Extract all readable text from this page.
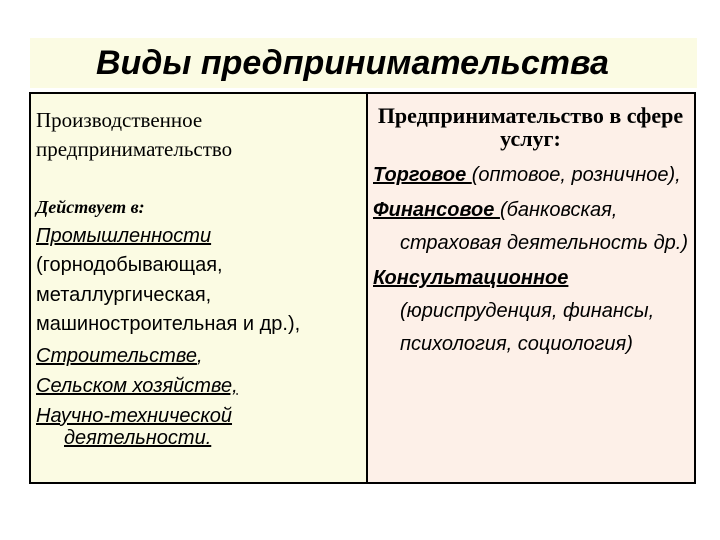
Виды предпринимательства

Производственное
предпринимательство

Действует в:

Промышленности

(горнодобывающая,

металлургическая,

машиностроительная и др.),

Строительстве,

Сельском хозяйстве,

Научно-технической деятельности.

Предпринимательство в сфере услуг:

Торговое (оптовое, розничное),

Финансовое (банковская, страховая деятельность др.)

Консультационное (юриспруденция, финансы, психология, социология)
